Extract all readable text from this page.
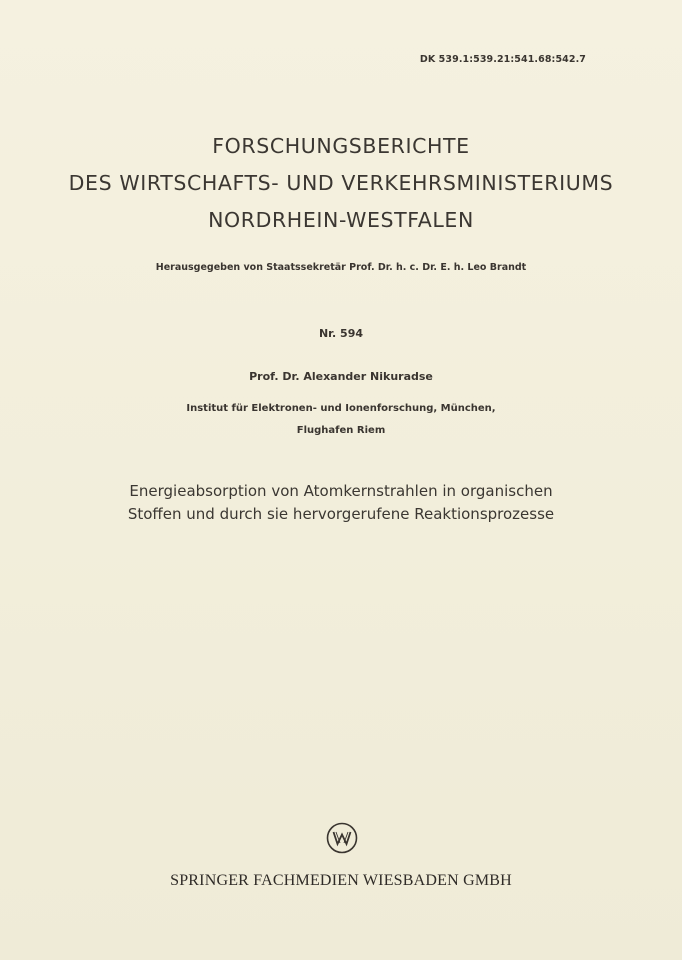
DK 539.1:539.21:541.68:542.7
FORSCHUNGSBERICHTE
DES WIRTSCHAFTS- UND VERKEHRSMINISTERIUMS
NORDRHEIN-WESTFALEN
Herausgegeben von Staatssekretär Prof. Dr. h. c. Dr. E. h. Leo Brandt
Nr. 594
Prof. Dr. Alexander Nikuradse
Institut für Elektronen- und Ionenforschung, München,
Flughafen Riem
Energieabsorption von Atomkernstrahlen in organischen
Stoffen und durch sie hervorgerufene Reaktionsprozesse
SPRINGER FACHMEDIEN WIESBADEN GMBH
